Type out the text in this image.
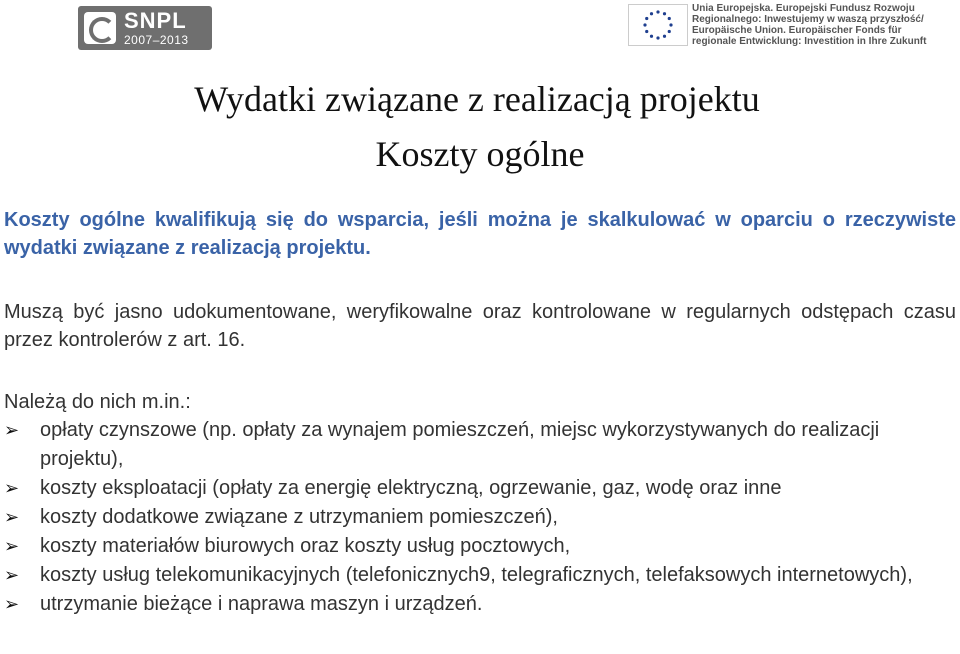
SNPL
2007–2013
Unia Europejska. Europejski Fundusz Rozwoju
Regionalnego: Inwestujemy w waszą przyszłość/
Europäische Union. Europäischer Fonds für
regionale Entwicklung: Investition in Ihre Zukunft
Wydatki związane z realizacją projektu
Koszty ogólne
Koszty ogólne kwalifikują się do wsparcia, jeśli można je skalkulować w oparciu o rzeczywiste wydatki związane z realizacją projektu.
Muszą być jasno udokumentowane, weryfikowalne oraz kontrolowane w regularnych odstępach czasu przez kontrolerów z art. 16.
Należą do nich m.in.:
➢ opłaty czynszowe (np. opłaty za wynajem pomieszczeń, miejsc wykorzystywanych do realizacji projektu),
➢ koszty eksploatacji (opłaty za energię elektryczną, ogrzewanie, gaz, wodę oraz inne
➢ koszty dodatkowe związane z utrzymaniem pomieszczeń),
➢ koszty materiałów biurowych oraz koszty usług pocztowych,
➢ koszty usług telekomunikacyjnych (telefonicznych9, telegraficznych, telefaksowych internetowych),
➢ utrzymanie bieżące i naprawa maszyn i urządzeń.
